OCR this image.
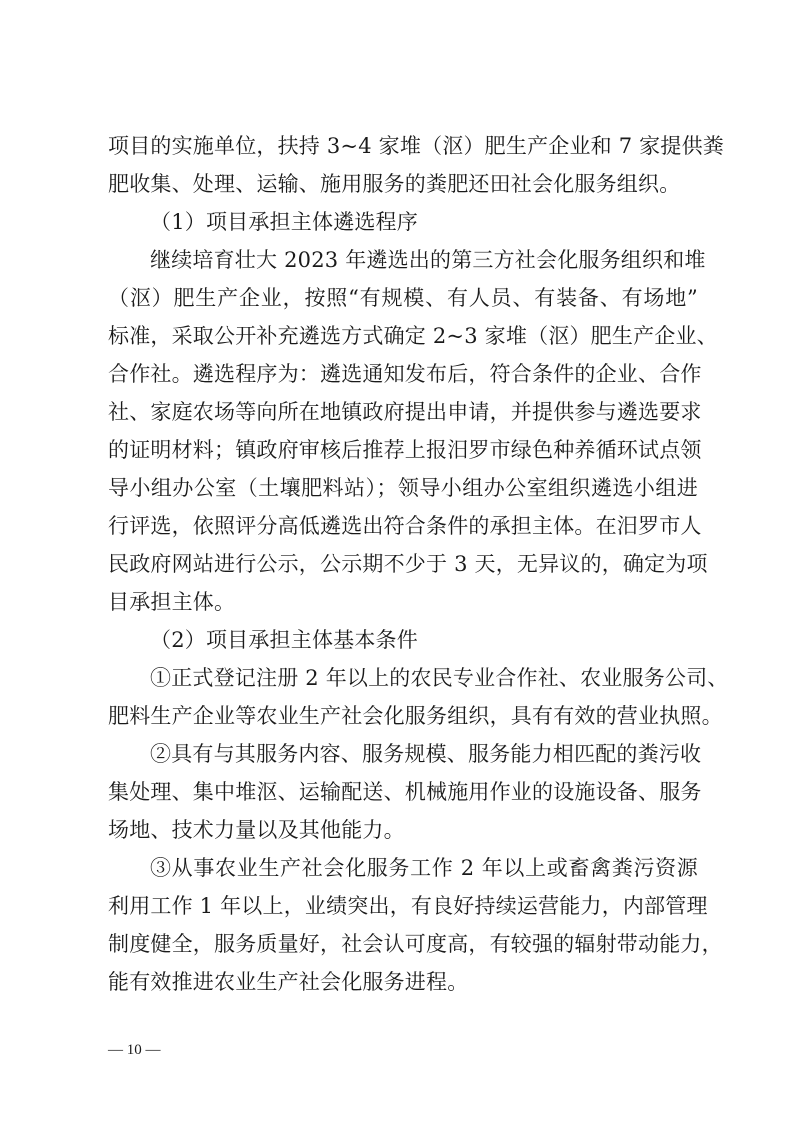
项目的实施单位，扶持 3~4 家堆（沤）肥生产企业和 7 家提供粪
肥收集、处理、运输、施用服务的粪肥还田社会化服务组织。
（1）项目承担主体遴选程序
继续培育壮大 2023 年遴选出的第三方社会化服务组织和堆
（沤）肥生产企业，按照“有规模、有人员、有装备、有场地”
标准，采取公开补充遴选方式确定 2~3 家堆（沤）肥生产企业、
合作社。遴选程序为：遴选通知发布后，符合条件的企业、合作
社、家庭农场等向所在地镇政府提出申请，并提供参与遴选要求
的证明材料；镇政府审核后推荐上报汨罗市绿色种养循环试点领
导小组办公室（土壤肥料站）；领导小组办公室组织遴选小组进
行评选，依照评分高低遴选出符合条件的承担主体。在汨罗市人
民政府网站进行公示，公示期不少于 3 天，无异议的，确定为项
目承担主体。
（2）项目承担主体基本条件
①正式登记注册 2 年以上的农民专业合作社、农业服务公司、
肥料生产企业等农业生产社会化服务组织，具有有效的营业执照。
②具有与其服务内容、服务规模、服务能力相匹配的粪污收
集处理、集中堆沤、运输配送、机械施用作业的设施设备、服务
场地、技术力量以及其他能力。
③从事农业生产社会化服务工作 2 年以上或畜禽粪污资源
利用工作 1 年以上，业绩突出，有良好持续运营能力，内部管理
制度健全，服务质量好，社会认可度高，有较强的辐射带动能力，
能有效推进农业生产社会化服务进程。
— 10 —
